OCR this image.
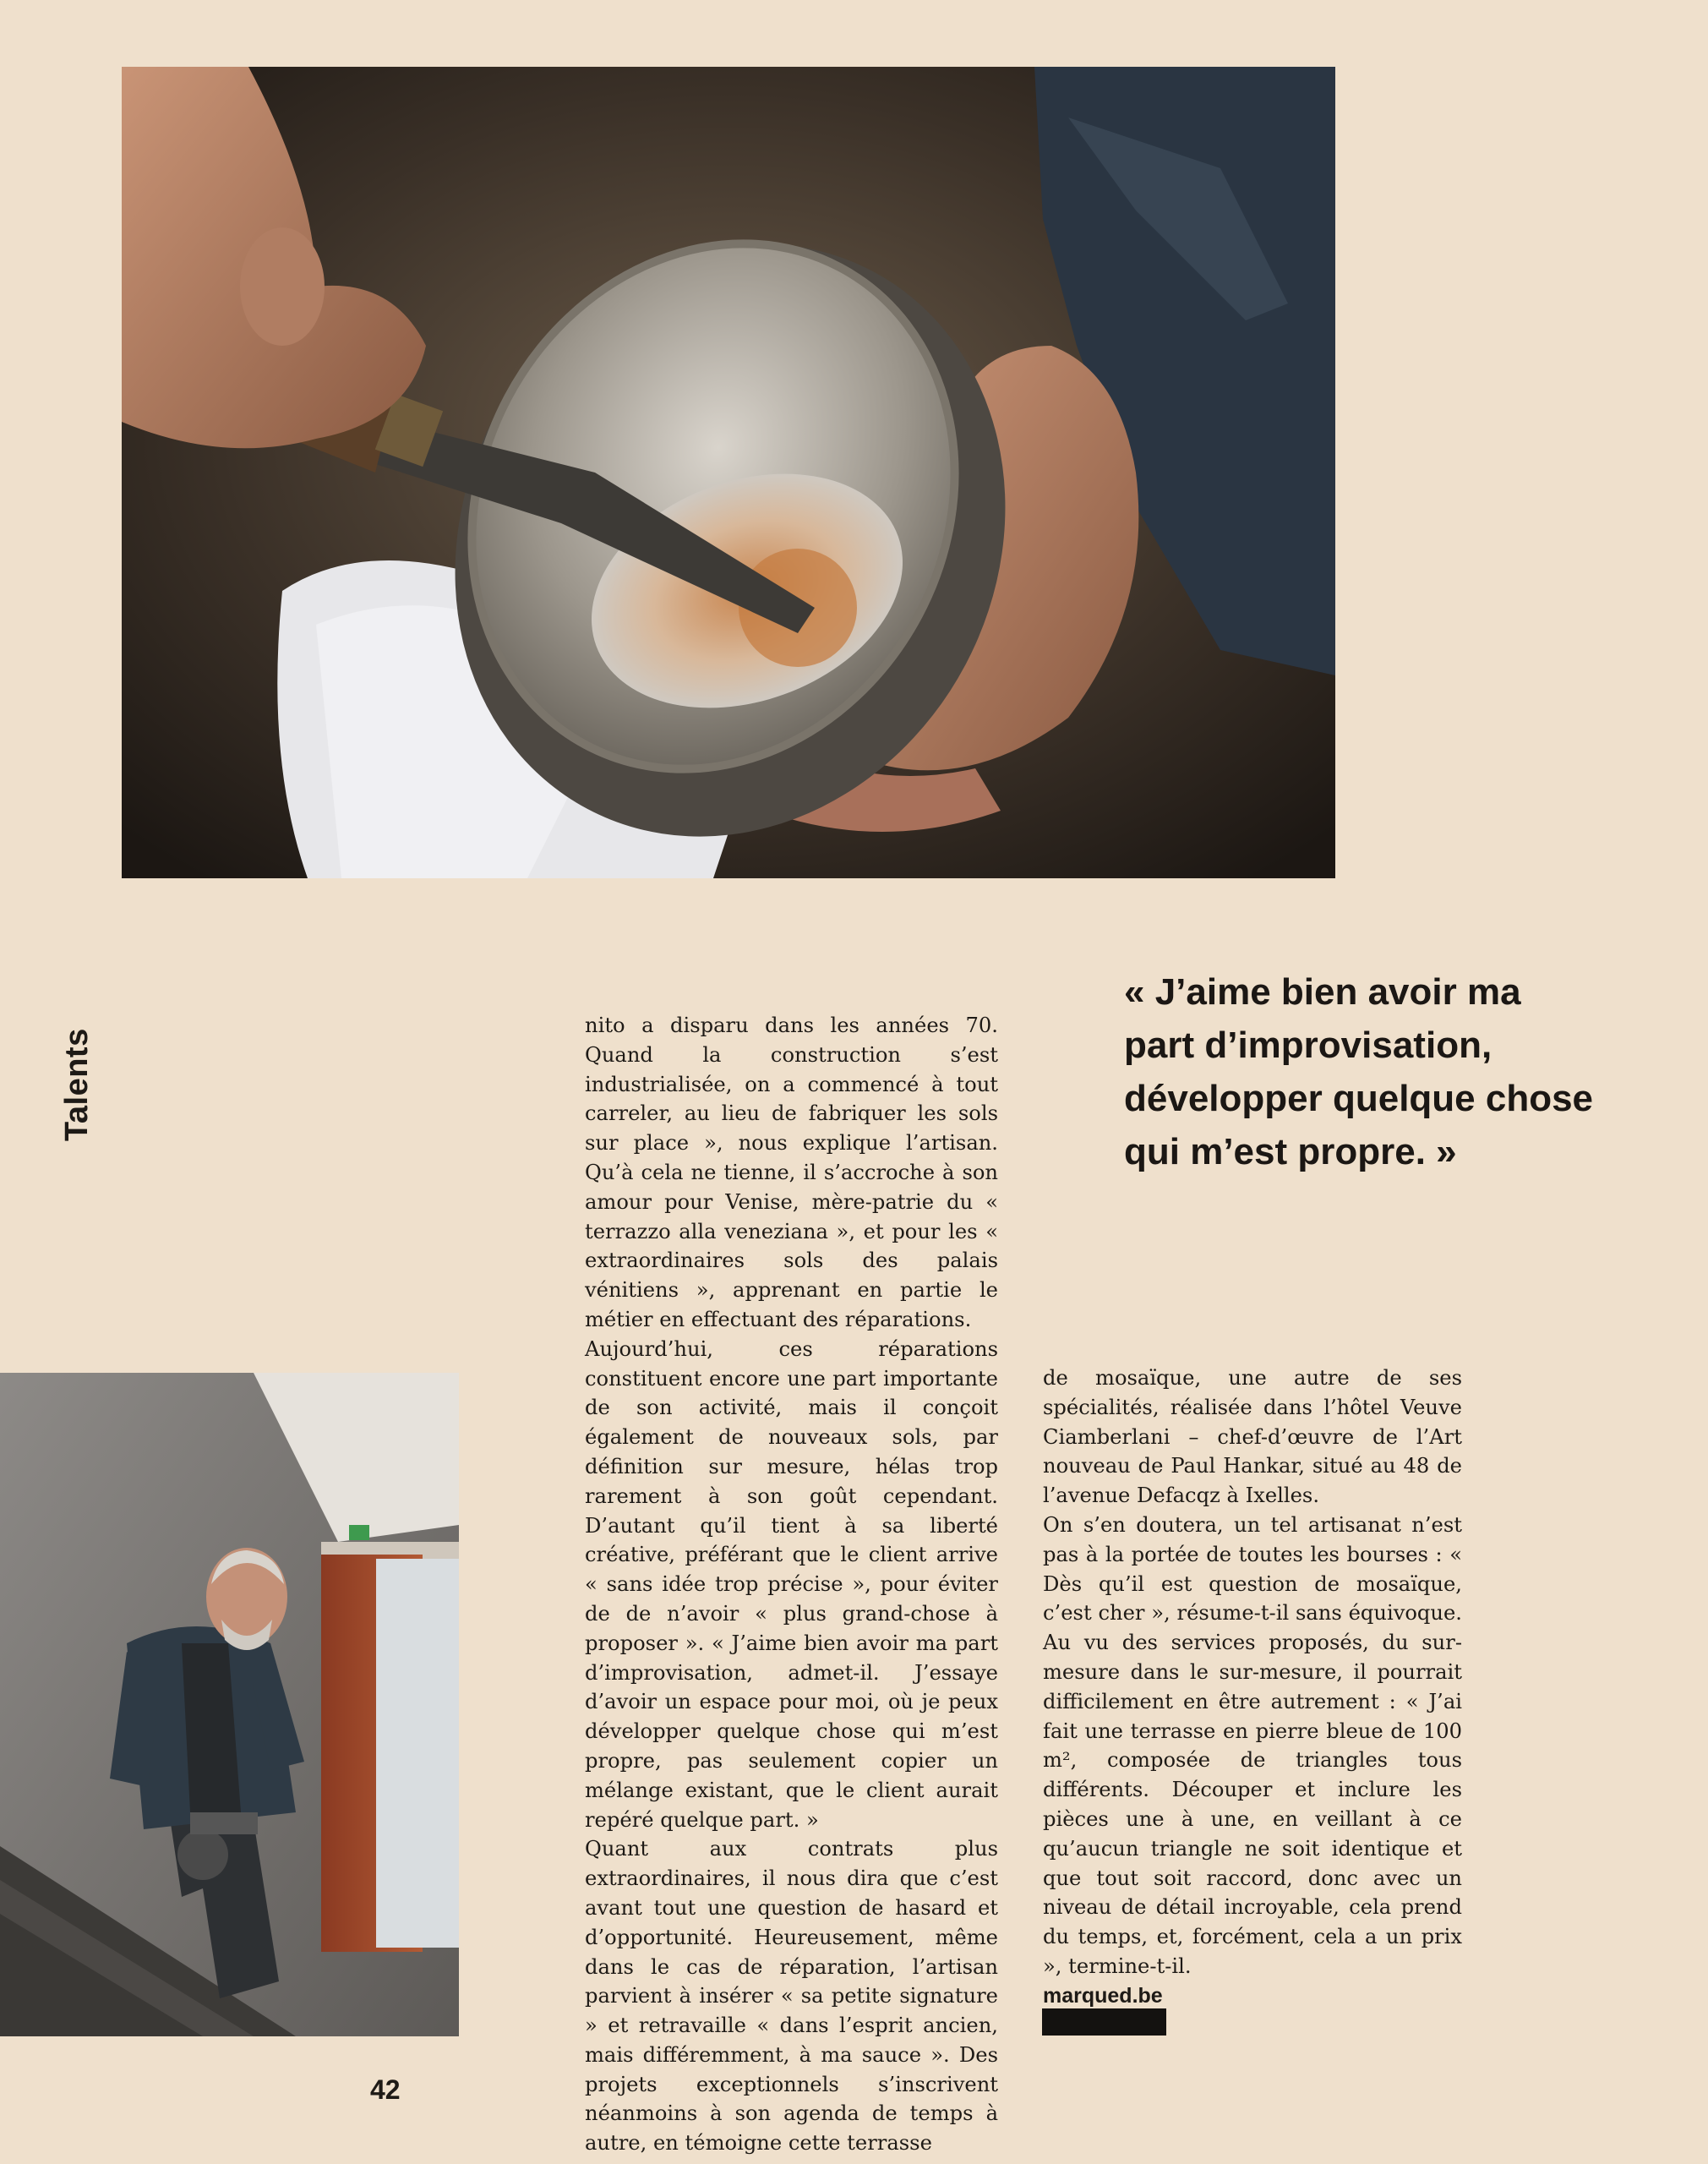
Talents

nito a disparu dans les années 70. Quand la construction s’est industrialisée, on a commencé à tout carreler, au lieu de fabriquer les sols sur place », nous explique l’artisan. Qu’à cela ne tienne, il s’accroche à son amour pour Venise, mère-patrie du « terrazzo alla veneziana », et pour les « extraordinaires sols des palais vénitiens », apprenant en partie le métier en effectuant des réparations.

Aujourd’hui, ces réparations constituent encore une part importante de son activité, mais il conçoit également de nouveaux sols, par définition sur mesure, hélas trop rarement à son goût cependant. D’autant qu’il tient à sa liberté créative, préférant que le client arrive « sans idée trop précise », pour éviter de de n’avoir « plus grand-chose à proposer ». « J’aime bien avoir ma part d’improvisation, admet-il. J’essaye d’avoir un espace pour moi, où je peux développer quelque chose qui m’est propre, pas seulement copier un mélange existant, que le client aurait repéré quelque part. »

Quant aux contrats plus extraordinaires, il nous dira que c’est avant tout une question de hasard et d’opportunité. Heureusement, même dans le cas de réparation, l’artisan parvient à insérer « sa petite signature » et retravaille « dans l’esprit ancien, mais différemment, à ma sauce ». Des projets exceptionnels s’inscrivent néanmoins à son agenda de temps à autre, en témoigne cette terrasse

« J’aime bien avoir ma part d’improvisation, développer quelque chose qui m’est propre. »

de mosaïque, une autre de ses spécialités, réalisée dans l’hôtel Veuve Ciamberlani – chef-d’œuvre de l’Art nouveau de Paul Hankar, situé au 48 de l’avenue Defacqz à Ixelles.

On s’en doutera, un tel artisanat n’est pas à la portée de toutes les bourses : « Dès qu’il est question de mosaïque, c’est cher », résume-t-il sans équivoque. Au vu des services proposés, du sur-mesure dans le sur-mesure, il pourrait difficilement en être autrement : « J’ai fait une terrasse en pierre bleue de 100 m², composée de triangles tous différents. Découper et inclure les pièces une à une, en veillant à ce qu’aucun triangle ne soit identique et que tout soit raccord, donc avec un niveau de détail incroyable, cela prend du temps, et, forcément, cela a un prix », termine-t-il.

marqued.be

42
